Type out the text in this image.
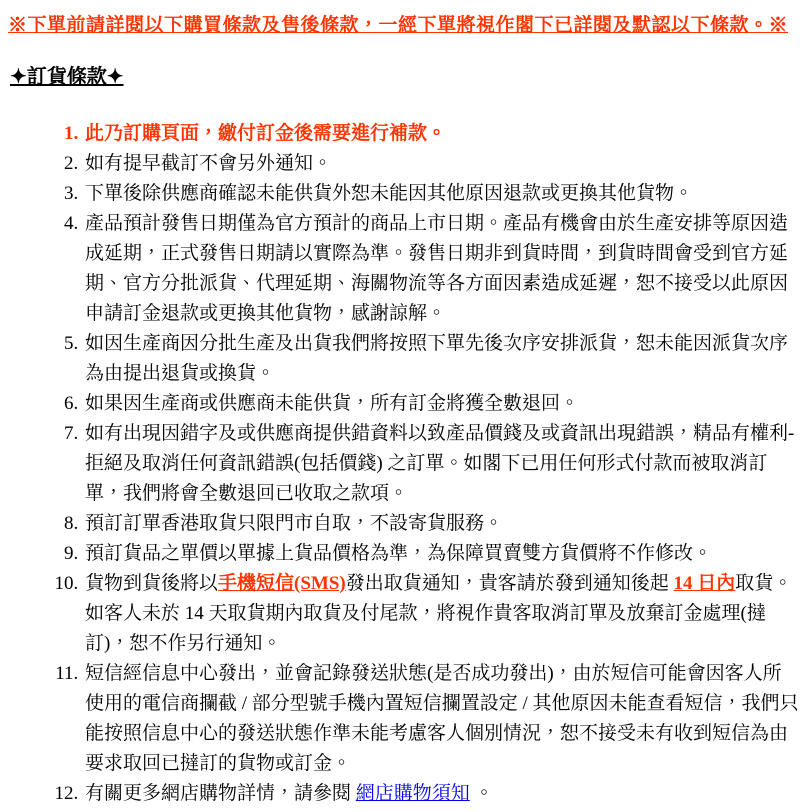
※下單前請詳閱以下購買條款及售後條款，一經下單將視作閣下已詳閱及默認以下條款。※

✦訂貨條款✦
1. 此乃訂購頁面，繳付訂金後需要進行補款。
2. 如有提早截訂不會另外通知。
3. 下單後除供應商確認未能供貨外恕未能因其他原因退款或更換其他貨物。
4. 產品預計發售日期僅為官方預計的商品上市日期。產品有機會由於生產安排等原因造成延期，正式發售日期請以實際為準。發售日期非到貨時間，到貨時間會受到官方延期、官方分批派貨、代理延期、海關物流等各方面因素造成延遲，恕不接受以此原因申請訂金退款或更換其他貨物，感謝諒解。
5. 如因生產商因分批生產及出貨我們將按照下單先後次序安排派貨，恕未能因派貨次序為由提出退貨或換貨。
6. 如果因生產商或供應商未能供貨，所有訂金將獲全數退回。
7. 如有出現因錯字及或供應商提供錯資料以致產品價錢及或資訊出現錯誤，精品有權利-拒絕及取消任何資訊錯誤(包括價錢) 之訂單。如閣下已用任何形式付款而被取消訂單，我們將會全數退回已收取之款項。
8. 預訂訂單香港取貨只限門市自取，不設寄貨服務。
9. 預訂貨品之單價以單據上貨品價格為準，為保障買賣雙方貨價將不作修改。
10. 貨物到貨後將以手機短信(SMS)發出取貨通知，貴客請於發到通知後起 14 日內取貨。如客人未於 14 天取貨期內取貨及付尾款，將視作貴客取消訂單及放棄訂金處理(撻訂)，恕不作另行通知。
11. 短信經信息中心發出，並會記錄發送狀態(是否成功發出)，由於短信可能會因客人所使用的電信商攔截 / 部分型號手機內置短信攔置設定 / 其他原因未能查看短信，我們只能按照信息中心的發送狀態作準未能考慮客人個別情況，恕不接受未有收到短信為由要求取回已撻訂的貨物或訂金。
12. 有關更多網店購物詳情，請參閱 網店購物須知 。
